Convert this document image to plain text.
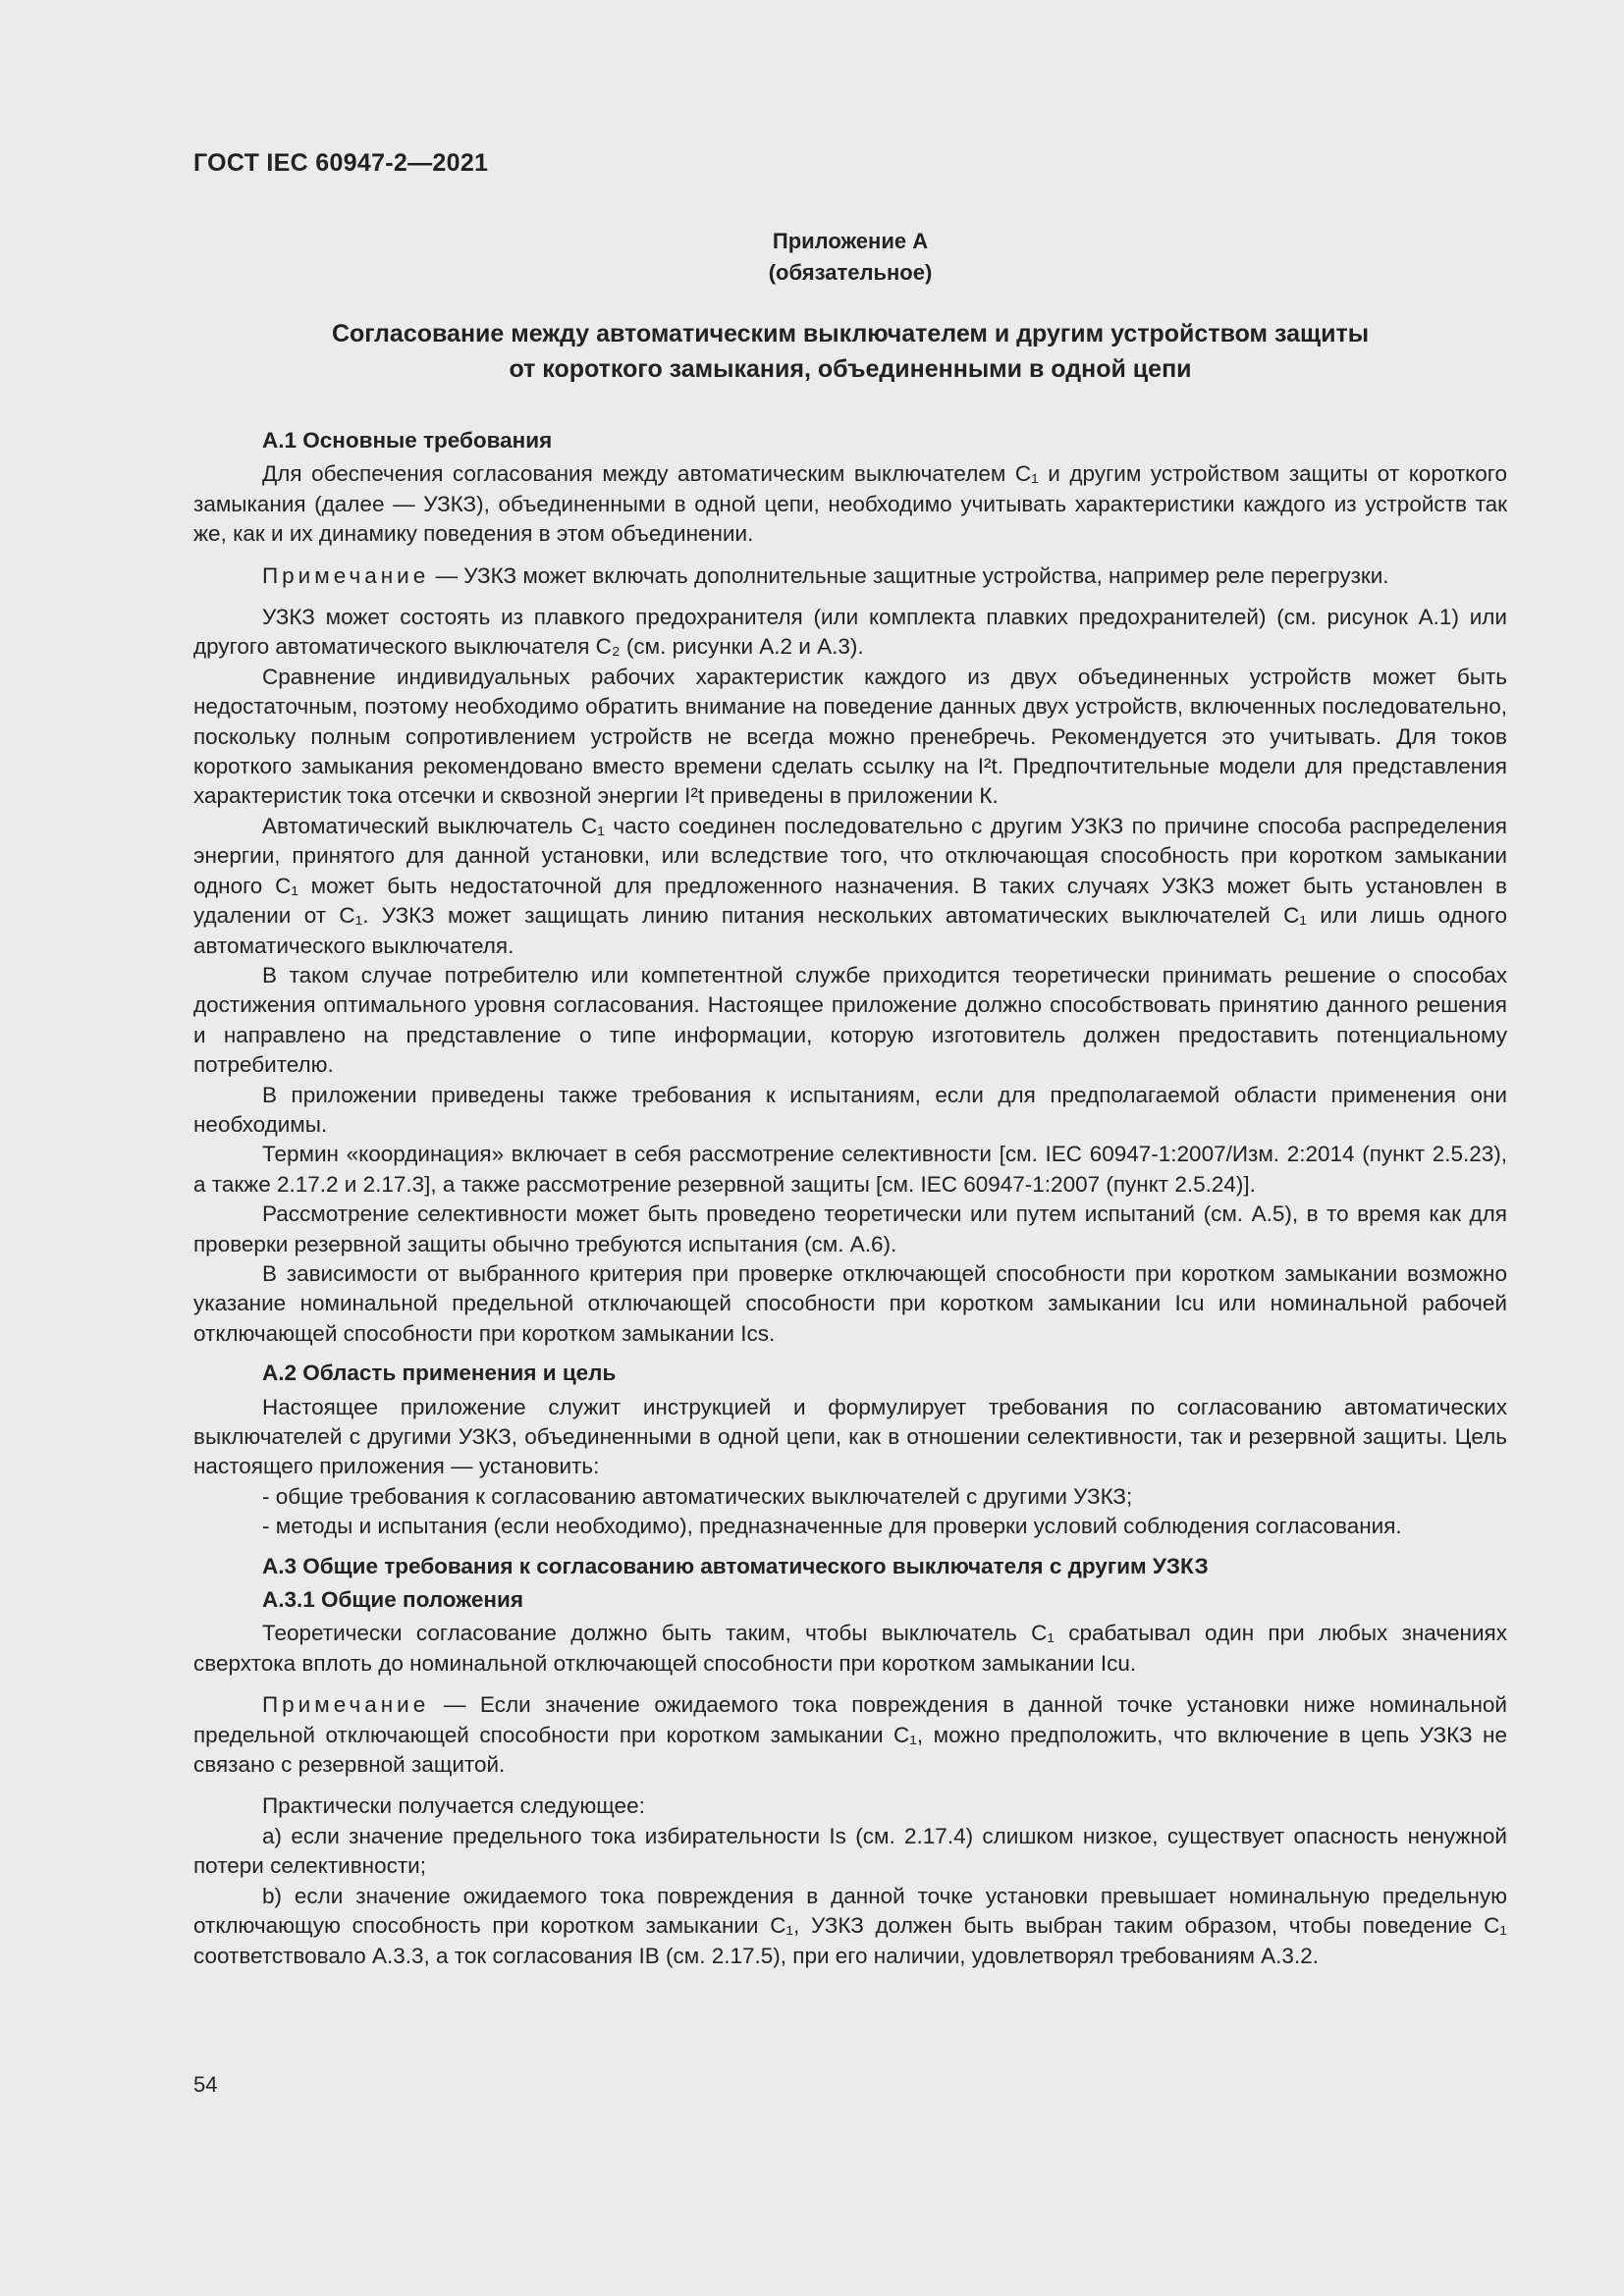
ГОСТ IEC 60947-2—2021
Приложение А
(обязательное)
Согласование между автоматическим выключателем и другим устройством защиты
от короткого замыкания, объединенными в одной цепи
А.1 Основные требования

Для обеспечения согласования между автоматическим выключателем C₁ и другим устройством защиты от короткого замыкания (далее — УЗКЗ), объединенными в одной цепи, необходимо учитывать характеристики каждого из устройств так же, как и их динамику поведения в этом объединении.

Примечание — УЗКЗ может включать дополнительные защитные устройства, например реле перегрузки.

УЗКЗ может состоять из плавкого предохранителя (или комплекта плавких предохранителей) (см. рисунок А.1) или другого автоматического выключателя C₂ (см. рисунки А.2 и А.3).

Сравнение индивидуальных рабочих характеристик каждого из двух объединенных устройств может быть недостаточным, поэтому необходимо обратить внимание на поведение данных двух устройств, включенных последовательно, поскольку полным сопротивлением устройств не всегда можно пренебречь. Рекомендуется это учитывать. Для токов короткого замыкания рекомендовано вместо времени сделать ссылку на I²t. Предпочтительные модели для представления характеристик тока отсечки и сквозной энергии I²t приведены в приложении К.

Автоматический выключатель C₁ часто соединен последовательно с другим УЗКЗ по причине способа распределения энергии, принятого для данной установки, или вследствие того, что отключающая способность при коротком замыкании одного C₁ может быть недостаточной для предложенного назначения. В таких случаях УЗКЗ может быть установлен в удалении от C₁. УЗКЗ может защищать линию питания нескольких автоматических выключателей C₁ или лишь одного автоматического выключателя.

В таком случае потребителю или компетентной службе приходится теоретически принимать решение о способах достижения оптимального уровня согласования. Настоящее приложение должно способствовать принятию данного решения и направлено на представление о типе информации, которую изготовитель должен предоставить потенциальному потребителю.

В приложении приведены также требования к испытаниям, если для предполагаемой области применения они необходимы.

Термин «координация» включает в себя рассмотрение селективности [см. IEC 60947-1:2007/Изм. 2:2014 (пункт 2.5.23), а также 2.17.2 и 2.17.3], а также рассмотрение резервной защиты [см. IEC 60947-1:2007 (пункт 2.5.24)].

Рассмотрение селективности может быть проведено теоретически или путем испытаний (см. А.5), в то время как для проверки резервной защиты обычно требуются испытания (см. А.6).

В зависимости от выбранного критерия при проверке отключающей способности при коротком замыкании возможно указание номинальной предельной отключающей способности при коротком замыкании Icu или номинальной рабочей отключающей способности при коротком замыкании Ics.

А.2 Область применения и цель

Настоящее приложение служит инструкцией и формулирует требования по согласованию автоматических выключателей с другими УЗКЗ, объединенными в одной цепи, как в отношении селективности, так и резервной защиты. Цель настоящего приложения — установить:

- общие требования к согласованию автоматических выключателей с другими УЗКЗ;

- методы и испытания (если необходимо), предназначенные для проверки условий соблюдения согласования.

А.3 Общие требования к согласованию автоматического выключателя с другим УЗКЗ
А.3.1 Общие положения

Теоретически согласование должно быть таким, чтобы выключатель C₁ срабатывал один при любых значениях сверхтока вплоть до номинальной отключающей способности при коротком замыкании Icu.

Примечание — Если значение ожидаемого тока повреждения в данной точке установки ниже номинальной предельной отключающей способности при коротком замыкании C₁, можно предположить, что включение в цепь УЗКЗ не связано с резервной защитой.

Практически получается следующее:

а) если значение предельного тока избирательности Is (см. 2.17.4) слишком низкое, существует опасность ненужной потери селективности;

b) если значение ожидаемого тока повреждения в данной точке установки превышает номинальную предельную отключающую способность при коротком замыкании C₁, УЗКЗ должен быть выбран таким образом, чтобы поведение C₁ соответствовало А.3.3, а ток согласования IB (см. 2.17.5), при его наличии, удовлетворял требованиям А.3.2.

54
